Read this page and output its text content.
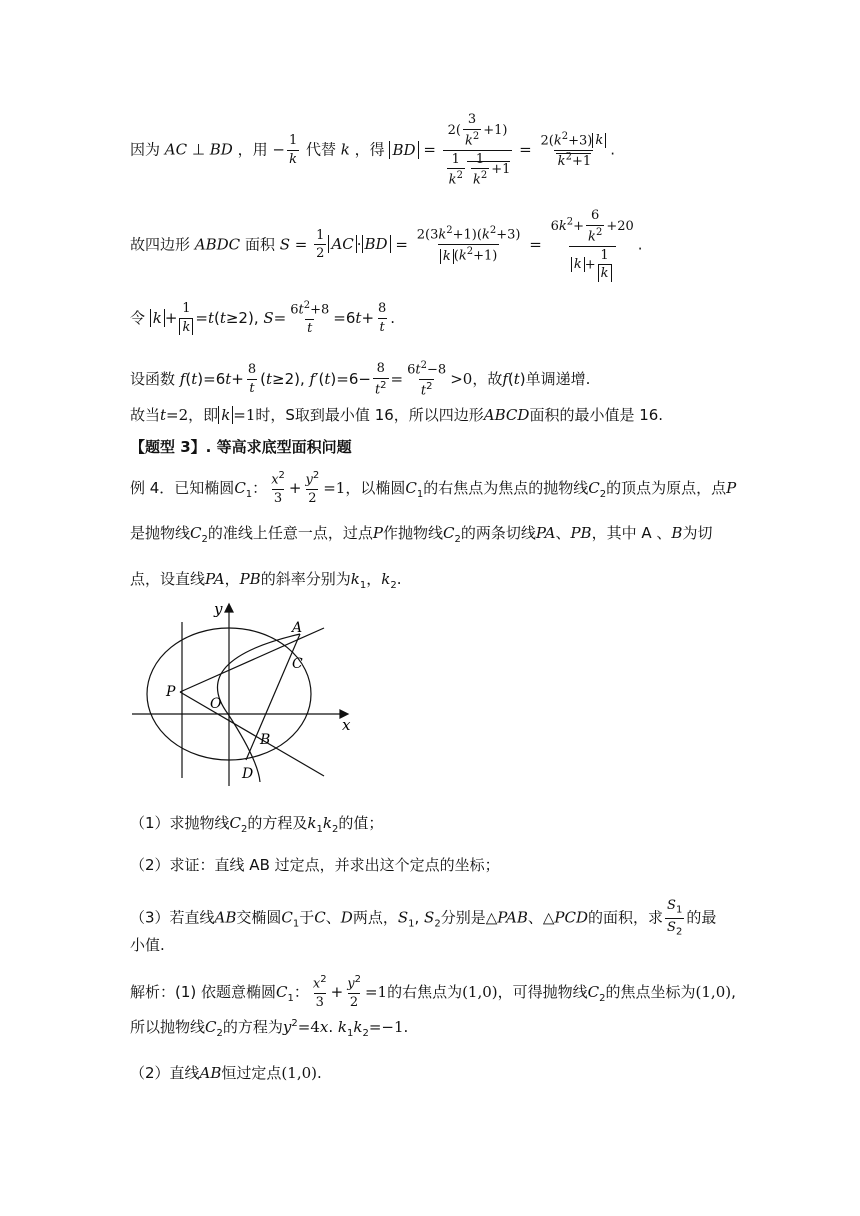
因为 AC ⊥ BD ，用 − $\frac{1}{k}$ 代替 k ，得 BD = $\frac{2( \frac{3}{k^2} +1)}{\frac{1}{k^2} \frac{1}{k^2} +1} = \frac{2(k^2+3) k}{k^2+1}$ .
故四边形 ABDC 面积 $S = \frac{1}{2}$ AC · BD = $\frac{2(3k^2+1)(k^2+3)}{k (k^2+1)} = \frac{6k^2+ \frac{6}{k^2} +20}{k + \frac{1}{k}}$ .
令 $k + \frac{1}{k} =t(t\ge 2)$, $S= \frac{6t^2+8}{t} =6t+ \frac{8}{t}$ .
设函数 $f(t)=6t+ \frac{8}{t} (t\ge 2)$, $f'(t)=6- \frac{8}{t^2} = \frac{6t^2-8}{t^2} >0$，故f(t)单调递增.
故当t=2，即 k =1时，S取到最小值 16，所以四边形ABCD面积的最小值是 16.
【题型 3】. 等高求底型面积问题
例 4．已知椭圆$C_1$： $\frac{x^2}{3} + \frac{y^2}{2} =1$，以椭圆$C_1$的右焦点为焦点的抛物线$C_2$的顶点为原点，点P
是抛物线$C_2$的准线上任意一点，过点P作抛物线$C_2$的两条切线PA、PB，其中 A 、B为切
点，设直线PA，PB的斜率分别为$k_1$，$k_2$.
y
x
A
C
P
O
B
D
（1）求抛物线$C_2$的方程及$k_1k_2$的值；
（2）求证：直线 AB 过定点，并求出这个定点的坐标；
（3）若直线AB交椭圆$C_1$于C、D两点，$S_1$, $S_2$分别是△PAB、△PCD的面积，求 $\frac{S_1}{S_2}$ 的最
小值.
解析：(1) 依题意椭圆$C_1$： $\frac{x^2}{3} + \frac{y^2}{2} =1$的右焦点为(1,0)，可得抛物线$C_2$的焦点坐标为(1,0),
所以抛物线$C_2$的方程为$y^2=4x$. $k_1k_2=-1$.
（2）直线AB恒过定点(1,0).
